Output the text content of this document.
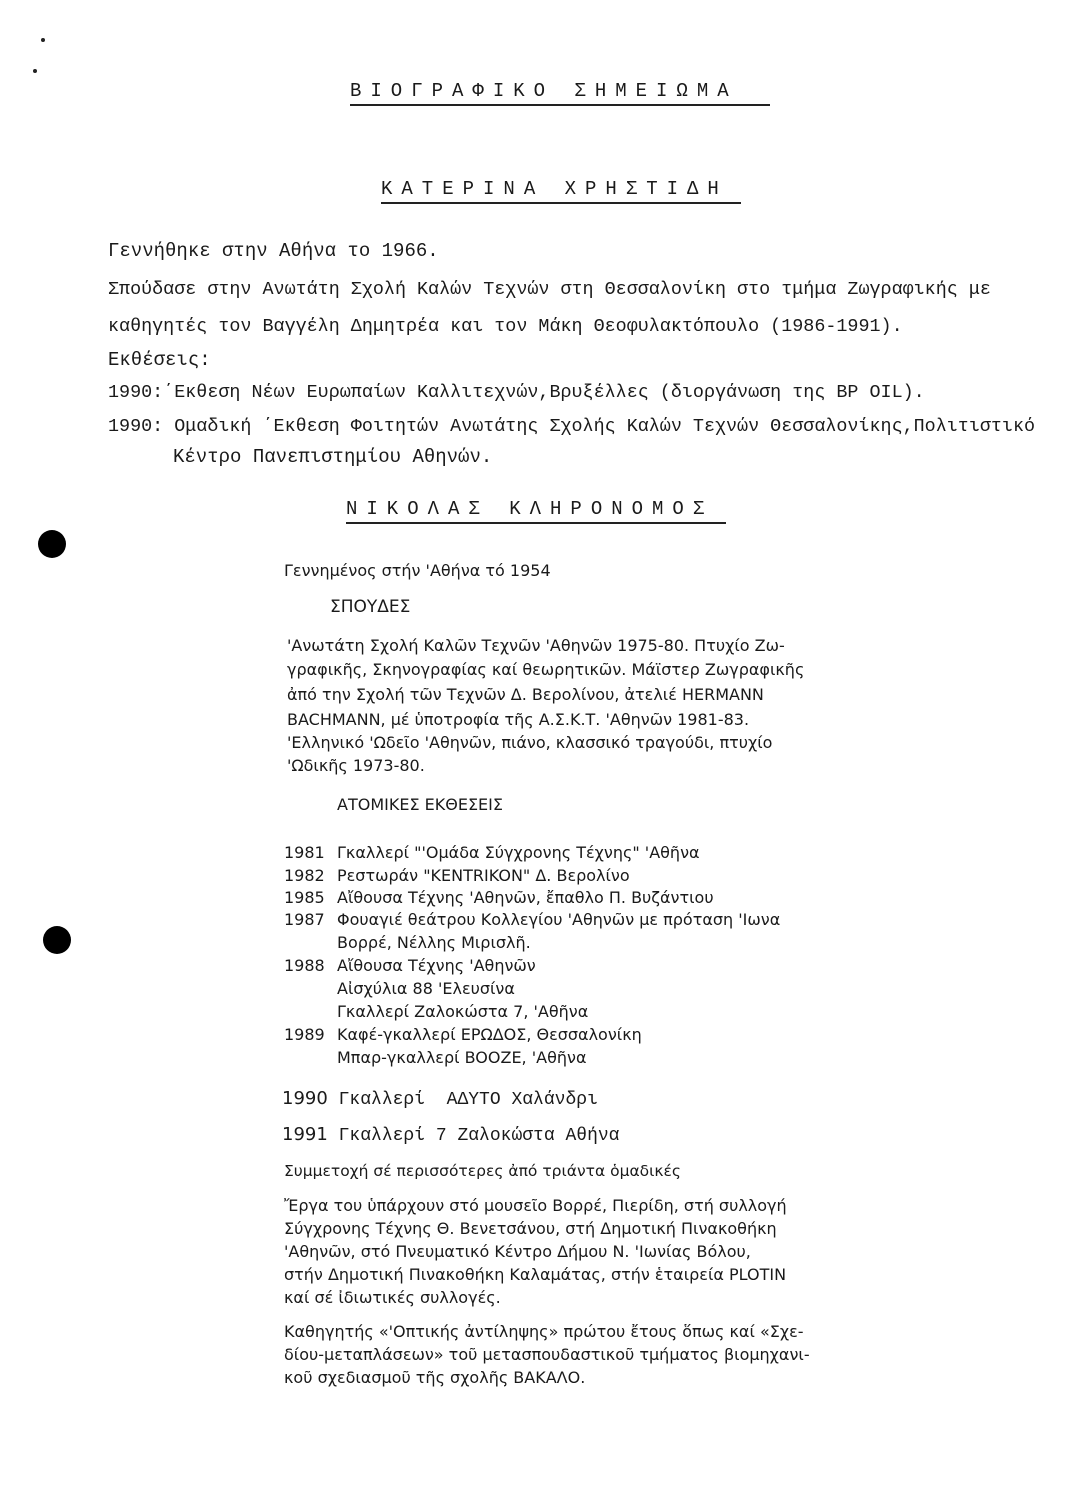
ΒΙΟΓΡΑΦΙΚΟ ΣΗΜΕΙΩΜΑ
ΚΑΤΕΡΙΝΑ ΧΡΗΣΤΙΔΗ
Γεννήθηκε στην Αθήνα το 1966.
Σπούδασε στην Ανωτάτη Σχολή Καλών Τεχνών στη Θεσσαλονίκη στο τμήμα Ζωγραφικής με
καθηγητές τον Βαγγέλη Δημητρέα και τον Μάκη Θεοφυλακτόπουλο (1986-1991).
Εκθέσεις:
1990:΄Εκθεση Νέων Ευρωπαίων Καλλιτεχνών,Βρυξέλλες (διοργάνωση της BP OIL).
1990: Ομαδική ΄Εκθεση Φοιτητών Ανωτάτης Σχολής Καλών Τεχνών Θεσσαλονίκης,Πολιτιστικό
Κέντρο Πανεπιστημίου Αθηνών.
ΝΙΚΟΛΑΣ ΚΛΗΡΟΝΟΜΟΣ
Γεννημένος στήν 'Αθήνα τό 1954
ΣΠΟΥΔΕΣ
'Ανωτάτη Σχολή Καλῶν Τεχνῶν 'Αθηνῶν 1975-80. Πτυχίο Ζω-
γραφικῆς, Σκηνογραφίας καί θεωρητικῶν. Μάϊστερ Ζωγραφικῆς
ἀπό την Σχολή τῶν Τεχνῶν Δ. Βερολίνου, ἀτελιέ HERMANN
BACHMANN, μέ ὑποτροφία τῆς Α.Σ.Κ.Τ. 'Αθηνῶν 1981-83.
'Ελληνικό 'Ωδεῖο 'Αθηνῶν, πιάνο, κλασσικό τραγούδι, πτυχίο
'Ωδικῆς 1973-80.
ΑΤΟΜΙΚΕΣ ΕΚΘΕΣΕΙΣ
1981 Γκαλλερί "'Ομάδα Σύγχρονης Τέχνης" 'Αθῆνα
1982 Ρεστωράν "KENTRIKON" Δ. Βερολίνο
1985 Αἴθουσα Τέχνης 'Αθηνῶν, ἔπαθλο Π. Βυζάντιου
1987 Φουαγιέ θεάτρου Κολλεγίου 'Αθηνῶν με πρόταση 'Ιωνα
Βορρέ, Νέλλης Μιρισλῆ.
1988 Αἴθουσα Τέχνης 'Αθηνῶν
Αἰσχύλια 88 'Ελευσίνα
Γκαλλερί Ζαλοκώστα 7, 'Αθῆνα
1989 Καφέ-γκαλλερί ΕΡΩΔΟΣ, Θεσσαλονίκη
Μπαρ-γκαλλερί BOOZE, 'Αθῆνα
1990 Γκαλλερί  ΑΔΥΤΟ Χαλάνδρι
1991 Γκαλλερί 7 Ζαλοκώστα Αθήνα
Συμμετοχή σέ περισσότερες ἀπό τριάντα ὁμαδικές
Ἔργα του ὑπάρχουν στό μουσεῖο Βορρέ, Πιερίδη, στή συλλογή
Σύγχρονης Τέχνης Θ. Βενετσάνου, στή Δημοτική Πινακοθήκη
'Αθηνῶν, στό Πνευματικό Κέντρο Δήμου Ν. 'Ιωνίας Βόλου,
στήν Δημοτική Πινακοθήκη Καλαμάτας, στήν ἑταιρεία PLOTIN
καί σέ ἰδιωτικές συλλογές.
Καθηγητής «'Οπτικής ἀντίληψης» πρώτου ἔτους ὅπως καί «Σχε-
δίου-μεταπλάσεων» τοῦ μετασπουδαστικοῦ τμήματος βιομηχανι-
κοῦ σχεδιασμοῦ τῆς σχολῆς ΒΑΚΑΛΟ.
